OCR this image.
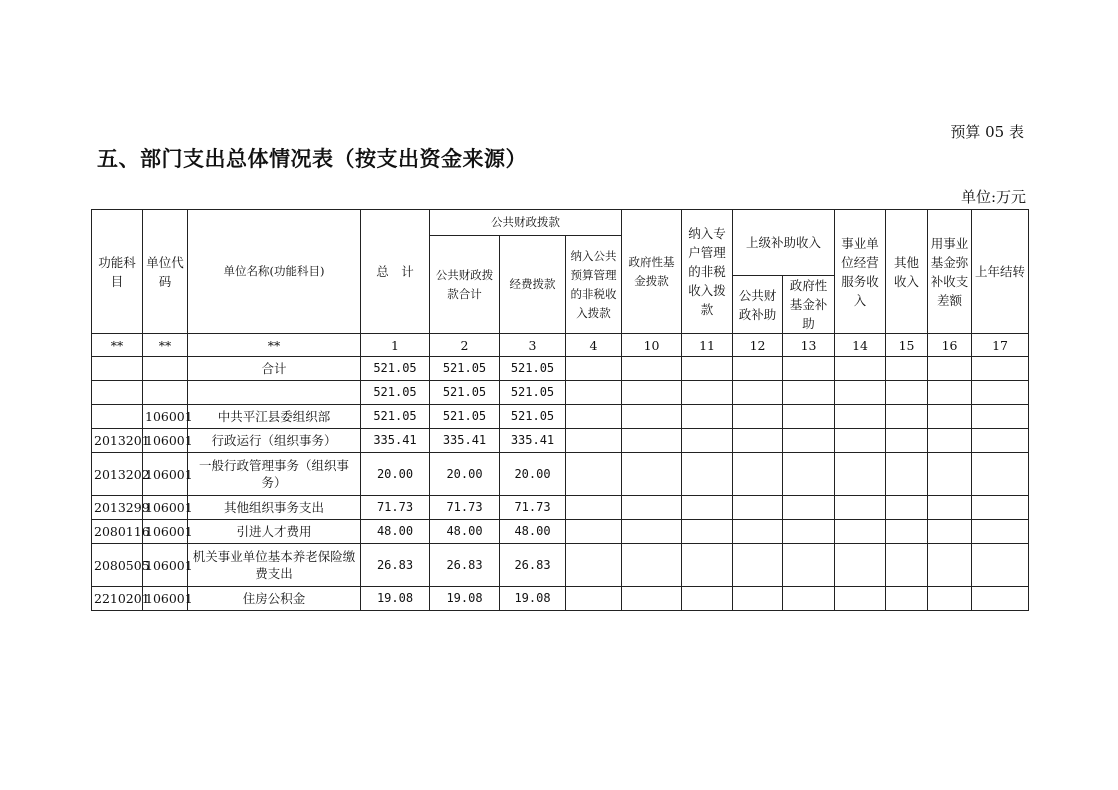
预算 05 表
五、部门支出总体情况表（按支出资金来源）
单位:万元
功能科目	单位代码	单位名称(功能科目)	总　计	公共财政拨款			政府性基金拨款	纳入专户管理的非税收入拨款	上级补助收入		事业单位经营服务收入	其他收入	用事业基金弥补收支差额	上年结转
				公共财政拨款合计	经费拨款	纳入公共预算管理的非税收入拨款								
									公共财政补助	政府性基金补助				
**	**	**	1	2	3	4	10	11	12	13	14	15	16	17
		合计	521.05	521.05	521.05									
			521.05	521.05	521.05									
	106001	中共平江县委组织部	521.05	521.05	521.05									
2013201	106001	行政运行（组织事务）	335.41	335.41	335.41									
2013202	106001	一般行政管理事务（组织事务）	20.00	20.00	20.00									
2013299	106001	其他组织事务支出	71.73	71.73	71.73									
2080116	106001	引进人才费用	48.00	48.00	48.00									
2080505	106001	机关事业单位基本养老保险缴费支出	26.83	26.83	26.83									
2210201	106001	住房公积金	19.08	19.08	19.08									
